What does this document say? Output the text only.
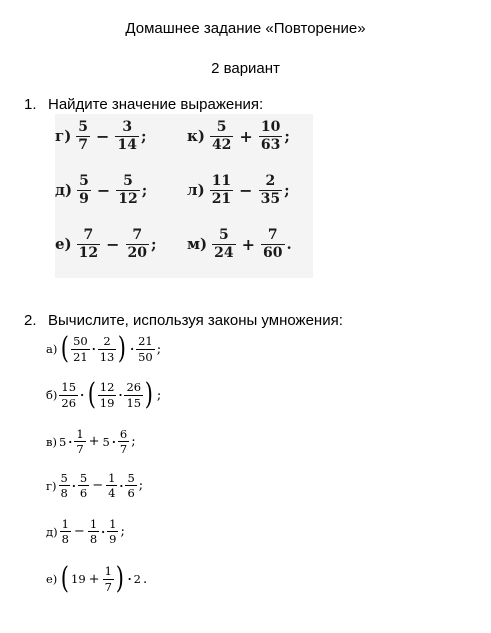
Домашнее задание «Повторение»
2 вариант
1. Найдите значение выражения:
$г) \frac{5}{7} - \frac{3}{14}$ ;	$к) \frac{5}{42} + \frac{10}{63}$ ;
$д) \frac{5}{9} - \frac{5}{12}$ ;	$л) \frac{11}{21} - \frac{2}{35}$ ;
$е) \frac{7}{12} - \frac{7}{20}$ ; $м) \frac{5}{24} + \frac{7}{60}$ .
2. Вычислите, используя законы умножения:
а) ( $\frac{50}{21} \cdot \frac{2}{13}$ ) · $\frac{21}{50}$ ;
$б) \frac{15}{26}$ · ( $\frac{12}{19} \cdot \frac{26}{15}$ ) ;
в) $5 \cdot \frac{1}{7} + 5 \cdot \frac{6}{7}$ ;
$г) \frac{5}{8} \cdot \frac{5}{6} - \frac{1}{4} \cdot \frac{5}{6}$ ;
$д) \frac{1}{8} - \frac{1}{8} \cdot \frac{1}{9}$ ;
е) ( $19 + \frac{1}{7}$ ) · 2 .
